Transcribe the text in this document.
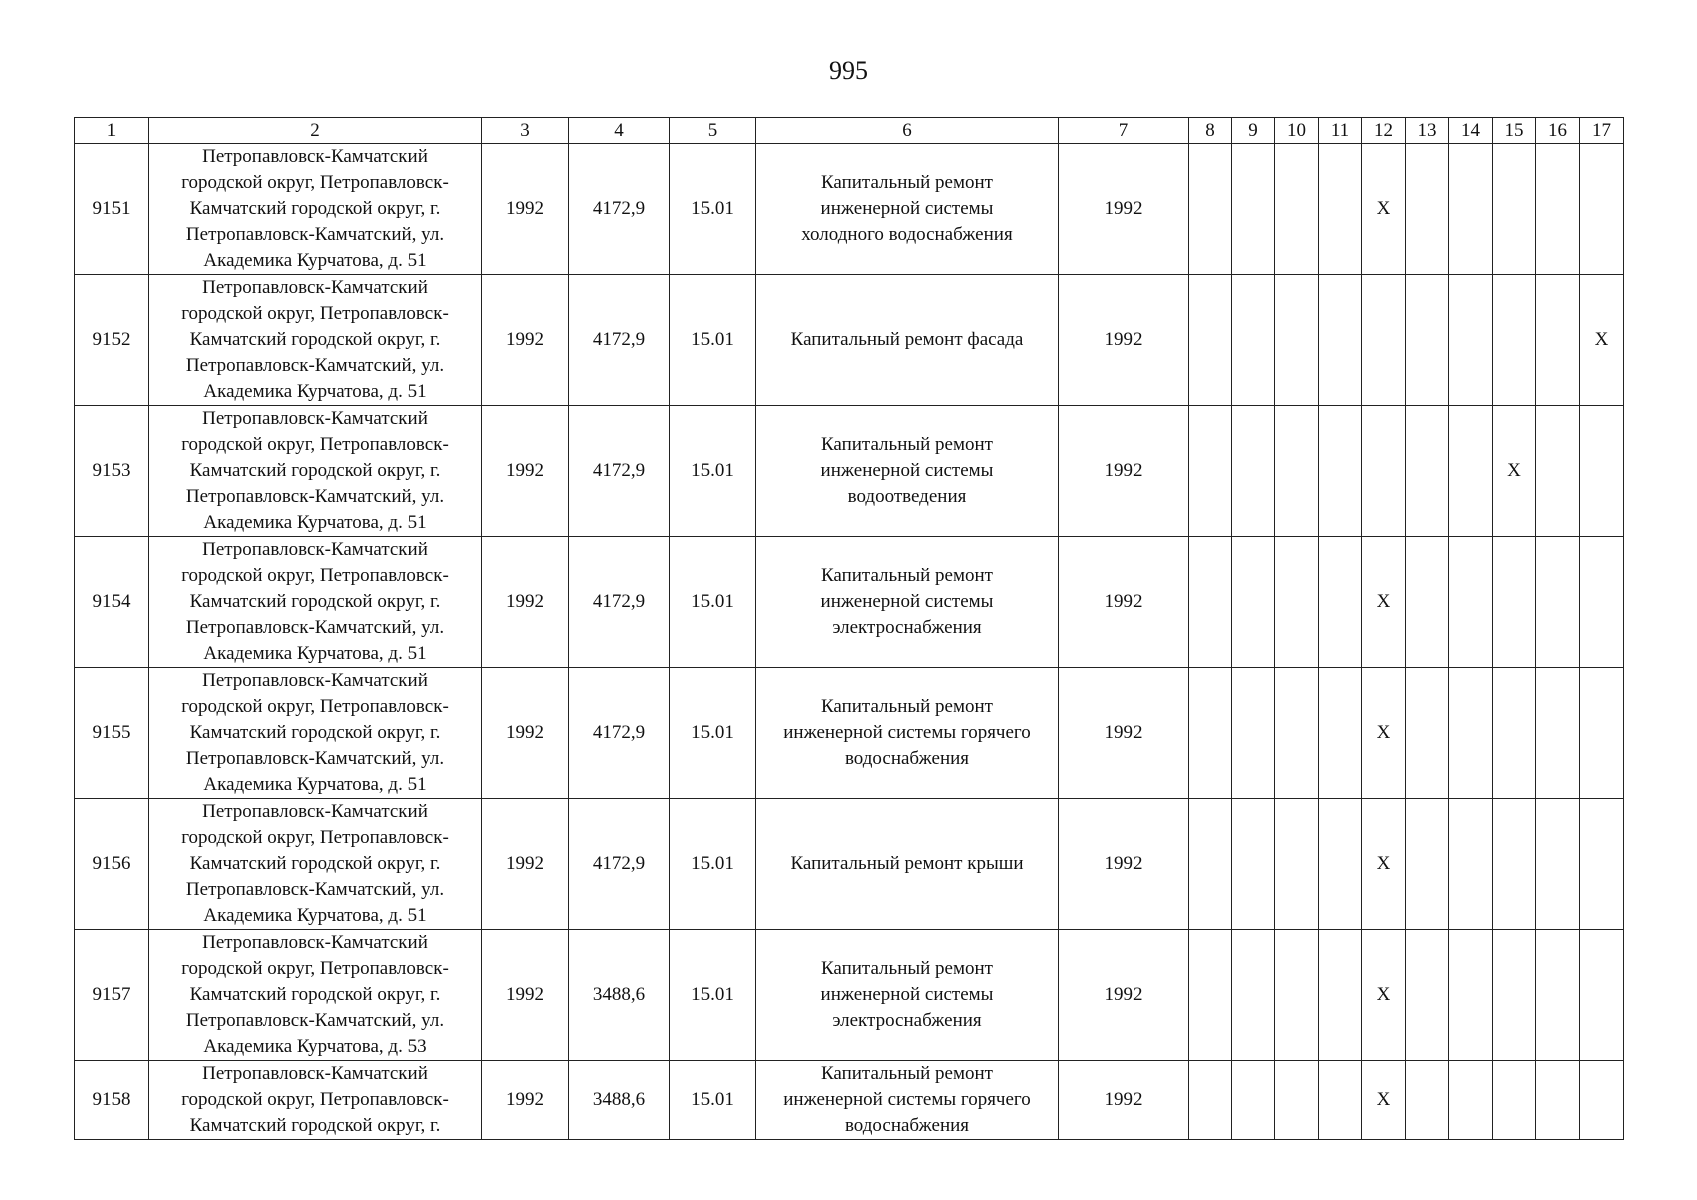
995
1	2	3	4	5	6	7	8	9	10	11	12	13	14	15	16	17
9151	Петропавловск-Камчатский
городской округ, Петропавловск-
Камчатский городской округ, г.
Петропавловск-Камчатский, ул.
Академика Курчатова, д. 51	1992	4172,9	15.01	Капитальный ремонт
инженерной системы
холодного водоснабжения	1992					X					
9152	Петропавловск-Камчатский
городской округ, Петропавловск-
Камчатский городской округ, г.
Петропавловск-Камчатский, ул.
Академика Курчатова, д. 51	1992	4172,9	15.01	Капитальный ремонт фасада	1992										X
9153	Петропавловск-Камчатский
городской округ, Петропавловск-
Камчатский городской округ, г.
Петропавловск-Камчатский, ул.
Академика Курчатова, д. 51	1992	4172,9	15.01	Капитальный ремонт
инженерной системы
водоотведения	1992								X		
9154	Петропавловск-Камчатский
городской округ, Петропавловск-
Камчатский городской округ, г.
Петропавловск-Камчатский, ул.
Академика Курчатова, д. 51	1992	4172,9	15.01	Капитальный ремонт
инженерной системы
электроснабжения	1992					X					
9155	Петропавловск-Камчатский
городской округ, Петропавловск-
Камчатский городской округ, г.
Петропавловск-Камчатский, ул.
Академика Курчатова, д. 51	1992	4172,9	15.01	Капитальный ремонт
инженерной системы горячего
водоснабжения	1992					X					
9156	Петропавловск-Камчатский
городской округ, Петропавловск-
Камчатский городской округ, г.
Петропавловск-Камчатский, ул.
Академика Курчатова, д. 51	1992	4172,9	15.01	Капитальный ремонт крыши	1992					X					
9157	Петропавловск-Камчатский
городской округ, Петропавловск-
Камчатский городской округ, г.
Петропавловск-Камчатский, ул.
Академика Курчатова, д. 53	1992	3488,6	15.01	Капитальный ремонт
инженерной системы
электроснабжения	1992					X					
9158	Петропавловск-Камчатский
городской округ, Петропавловск-
Камчатский городской округ, г.	1992	3488,6	15.01	Капитальный ремонт
инженерной системы горячего
водоснабжения	1992					X					
